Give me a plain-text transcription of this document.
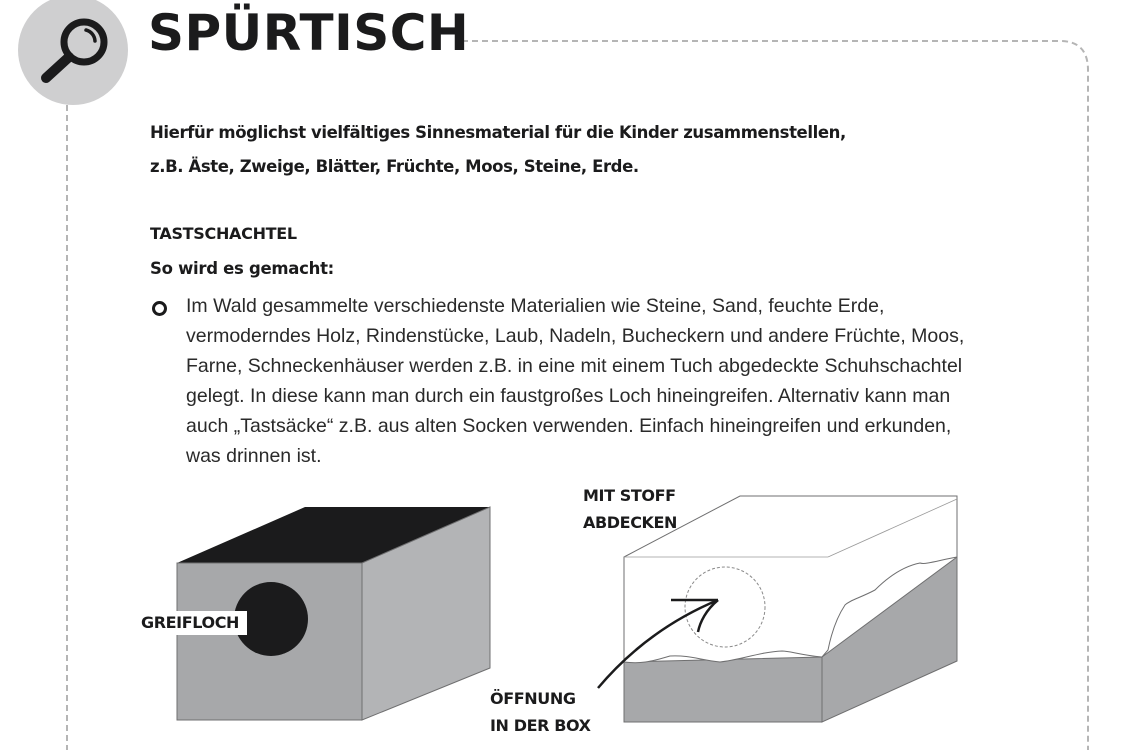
SPÜRTISCH
Hierfür möglichst vielfältiges Sinnesmaterial für die Kinder zusammenstellen,
z.B. Äste, Zweige, Blätter, Früchte, Moos, Steine, Erde.
TASTSCHACHTEL
So wird es gemacht:
Im Wald gesammelte verschiedenste Materialien wie Steine, Sand, feuchte Erde,
vermoderndes Holz, Rindenstücke, Laub, Nadeln, Bucheckern und andere Früchte, Moos,
Farne, Schneckenhäuser werden z.B. in eine mit einem Tuch abgedeckte Schuhschachtel
gelegt. In diese kann man durch ein faustgroßes Loch hineingreifen. Alternativ kann man
auch „Tastsäcke“ z.B. aus alten Socken verwenden. Einfach hineingreifen und erkunden,
was drinnen ist.
GREIFLOCH
MIT STOFF
ABDECKEN
ÖFFNUNG
IN DER BOX
